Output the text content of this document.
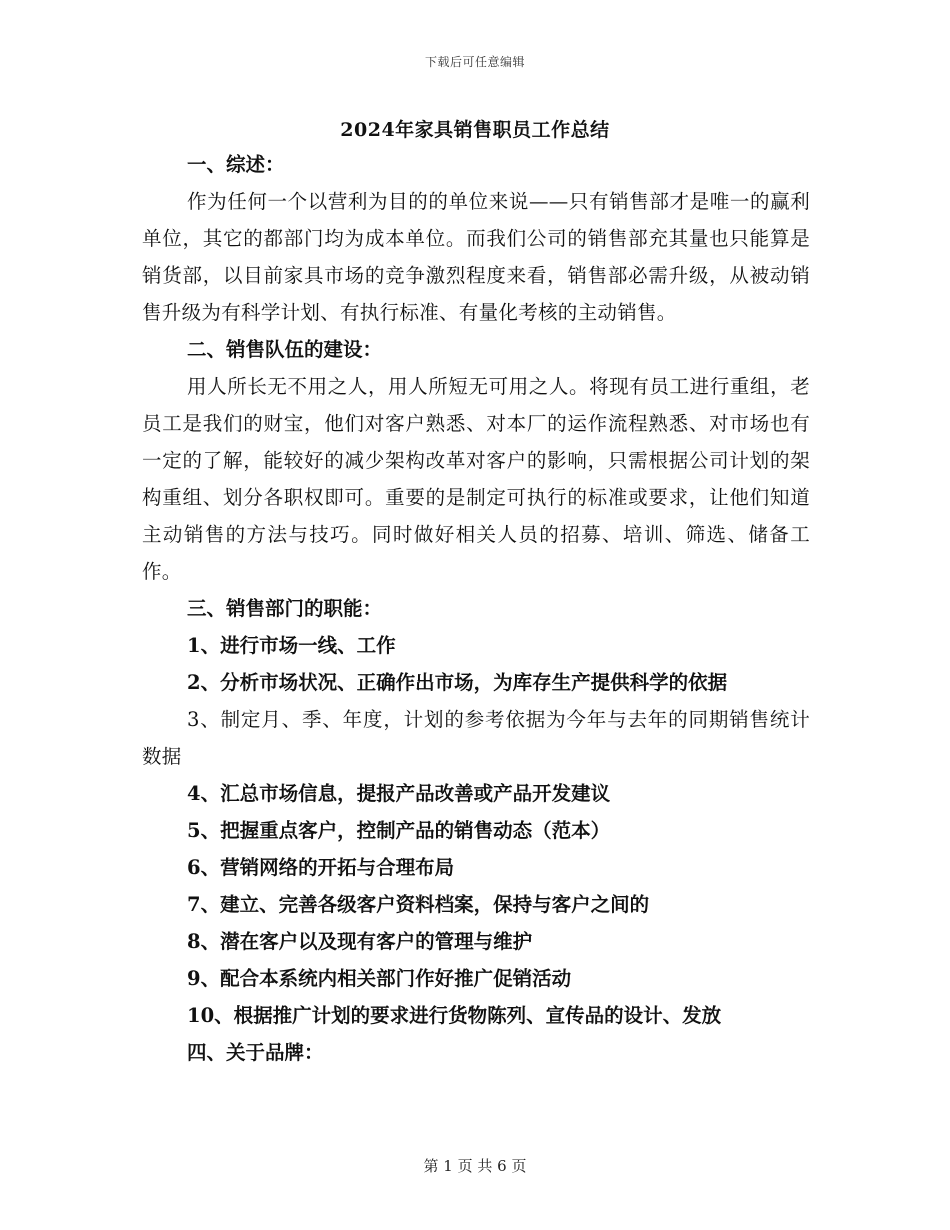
下载后可任意编辑
2024年家具销售职员工作总结
一、综述：
作为任何一个以营利为目的的单位来说——只有销售部才是唯一的赢利单位，其它的都部门均为成本单位。而我们公司的销售部充其量也只能算是销货部，以目前家具市场的竞争激烈程度来看，销售部必需升级，从被动销售升级为有科学计划、有执行标准、有量化考核的主动销售。
二、销售队伍的建设：
用人所长无不用之人，用人所短无可用之人。将现有员工进行重组，老员工是我们的财宝，他们对客户熟悉、对本厂的运作流程熟悉、对市场也有一定的了解，能较好的减少架构改革对客户的影响，只需根据公司计划的架构重组、划分各职权即可。重要的是制定可执行的标准或要求，让他们知道主动销售的方法与技巧。同时做好相关人员的招募、培训、筛选、储备工作。
三、销售部门的职能：
1、进行市场一线、工作
2、分析市场状况、正确作出市场，为库存生产提供科学的依据
3、制定月、季、年度，计划的参考依据为今年与去年的同期销售统计数据
4、汇总市场信息，提报产品改善或产品开发建议
5、把握重点客户，控制产品的销售动态（范本）
6、营销网络的开拓与合理布局
7、建立、完善各级客户资料档案，保持与客户之间的
8、潜在客户以及现有客户的管理与维护
9、配合本系统内相关部门作好推广促销活动
10、根据推广计划的要求进行货物陈列、宣传品的设计、发放
四、关于品牌：
第 1 页 共 6 页
